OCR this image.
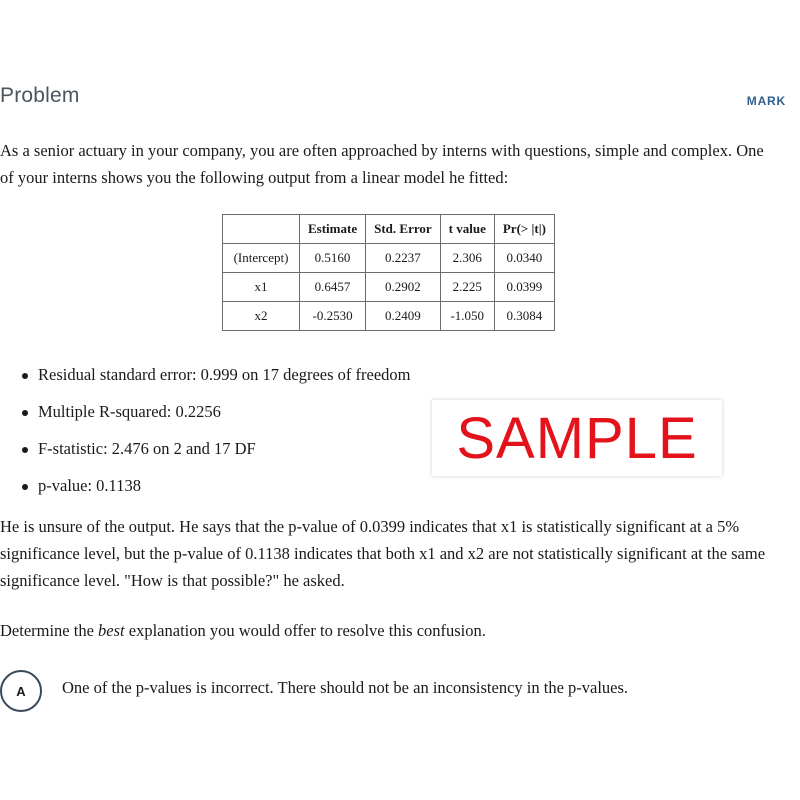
Problem	MARK

As a senior actuary in your company, you are often approached by interns with questions, simple and complex. One
of your interns shows you the following output from a linear model he fitted:

	Estimate	Std. Error	t value	Pr(> |t|)
(Intercept)	0.5160	0.2237	2.306	0.0340
x1	0.6457	0.2902	2.225	0.0399
x2	-0.2530	0.2409	-1.050	0.3084
Residual standard error: 0.999 on 17 degrees of freedom
Multiple R-squared: 0.2256
F-statistic: 2.476 on 2 and 17 DF
p-value: 0.1138
SAMPLE

He is unsure of the output. He says that the p-value of 0.0399 indicates that x1 is statistically significant at a 5%
significance level, but the p-value of 0.1138 indicates that both x1 and x2 are not statistically significant at the same
significance level. "How is that possible?" he asked.

Determine the best explanation you would offer to resolve this confusion.

A	One of the p-values is incorrect. There should not be an inconsistency in the p-values.
